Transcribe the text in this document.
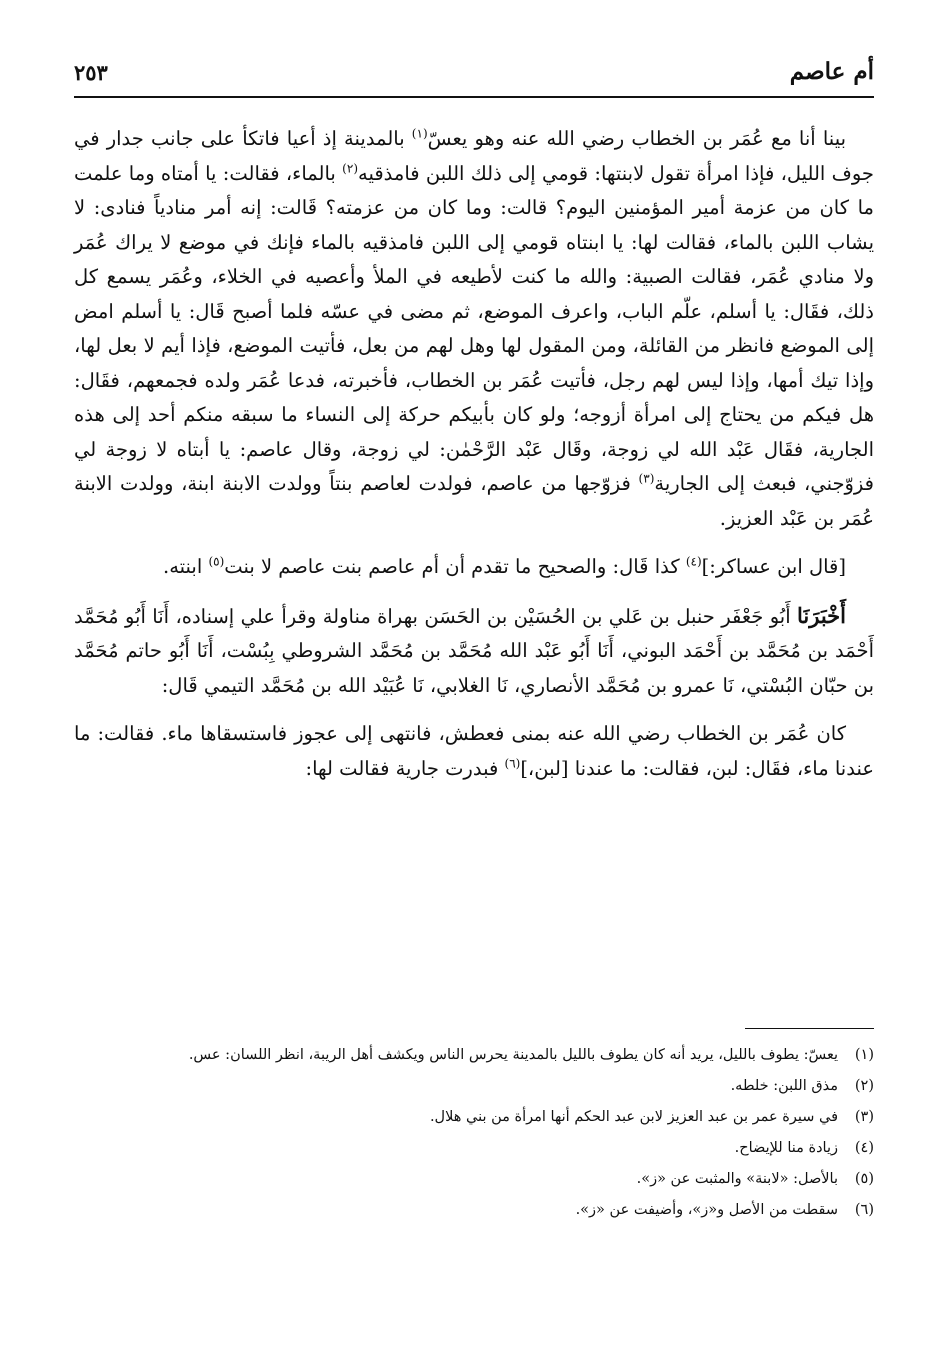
أم عاصم
٢٥٣

بينا أنا مع عُمَر بن الخطاب رضي الله عنه وهو يعسّ$^{(١)}$ بالمدينة إذ أعيا فاتكأ على جانب جدار في جوف الليل، فإذا امرأة تقول لابنتها: قومي إلى ذلك اللبن فامذقيه$^{(٢)}$ بالماء، فقالت: يا أمتاه وما علمت ما كان من عزمة أمير المؤمنين اليوم؟ قالت: وما كان من عزمته؟ قَالت: إنه أمر منادياً فنادى: لا يشاب اللبن بالماء، فقالت لها: يا ابنتاه قومي إلى اللبن فامذقيه بالماء فإنك في موضع لا يراك عُمَر ولا منادي عُمَر، فقالت الصبية: والله ما كنت لأطيعه في الملأ وأعصيه في الخلاء، وعُمَر يسمع كل ذلك، فقَال: يا أسلم، علّم الباب، واعرف الموضع، ثم مضى في عسّه فلما أصبح قَال: يا أسلم امض إلى الموضع فانظر من القائلة، ومن المقول لها وهل لهم من بعل، فأتيت الموضع، فإذا أيم لا بعل لها، وإذا تيك أمها، وإذا ليس لهم رجل، فأتيت عُمَر بن الخطاب، فأخبرته، فدعا عُمَر ولده فجمعهم، فقَال: هل فيكم من يحتاج إلى امرأة أزوجه؛ ولو كان بأبيكم حركة إلى النساء ما سبقه منكم أحد إلى هذه الجارية، فقَال عَبْد الله لي زوجة، وقَال عَبْد الرَّحْمٰن: لي زوجة، وقال عاصم: يا أبتاه لا زوجة لي فزوّجني، فبعث إلى الجارية$^{(٣)}$ فزوّجها من عاصم، فولدت لعاصم بنتاً وولدت الابنة ابنة، وولدت الابنة عُمَر بن عَبْد العزيز.

[قال ابن عساكر:]$^{(٤)}$ كذا قَال: والصحيح ما تقدم أن أم عاصم بنت عاصم لا بنت$^{(٥)}$ ابنته.

أَخْبَرَنَا أَبُو جَعْفَر حنبل بن عَلي بن الحُسَيْن بن الحَسَن بهراة مناولة وقرأ علي إسناده، أَنَا أَبُو مُحَمَّد أَحْمَد بن مُحَمَّد بن أَحْمَد البوني، أَنَا أَبُو عَبْد الله مُحَمَّد بن مُحَمَّد الشروطي بِبُسْت، أَنَا أَبُو حاتم مُحَمَّد بن حبّان البُسْتي، نَا عمرو بن مُحَمَّد الأنصاري، نَا الغلابي، نَا عُبَيْد الله بن مُحَمَّد التيمي قَال:

كان عُمَر بن الخطاب رضي الله عنه بمنى فعطش، فانتهى إلى عجوز فاستسقاها ماء. فقالت: ما عندنا ماء، فقَال: لبن، فقالت: ما عندنا [لبن،]$^{(٦)}$ فبدرت جارية فقالت لها:

(١)
يعسّ: يطوف بالليل، يريد أنه كان يطوف بالليل بالمدينة يحرس الناس ويكشف أهل الريبة، انظر اللسان: عس.

(٢)
مذق اللبن: خلطه.

(٣)
في سيرة عمر بن عبد العزيز لابن عبد الحكم أنها امرأة من بني هلال.

(٤)
زيادة منا للإيضاح.

(٥)
بالأصل: «لابنة» والمثبت عن «ز».

(٦)
سقطت من الأصل و«ز»، وأضيفت عن «ز».
